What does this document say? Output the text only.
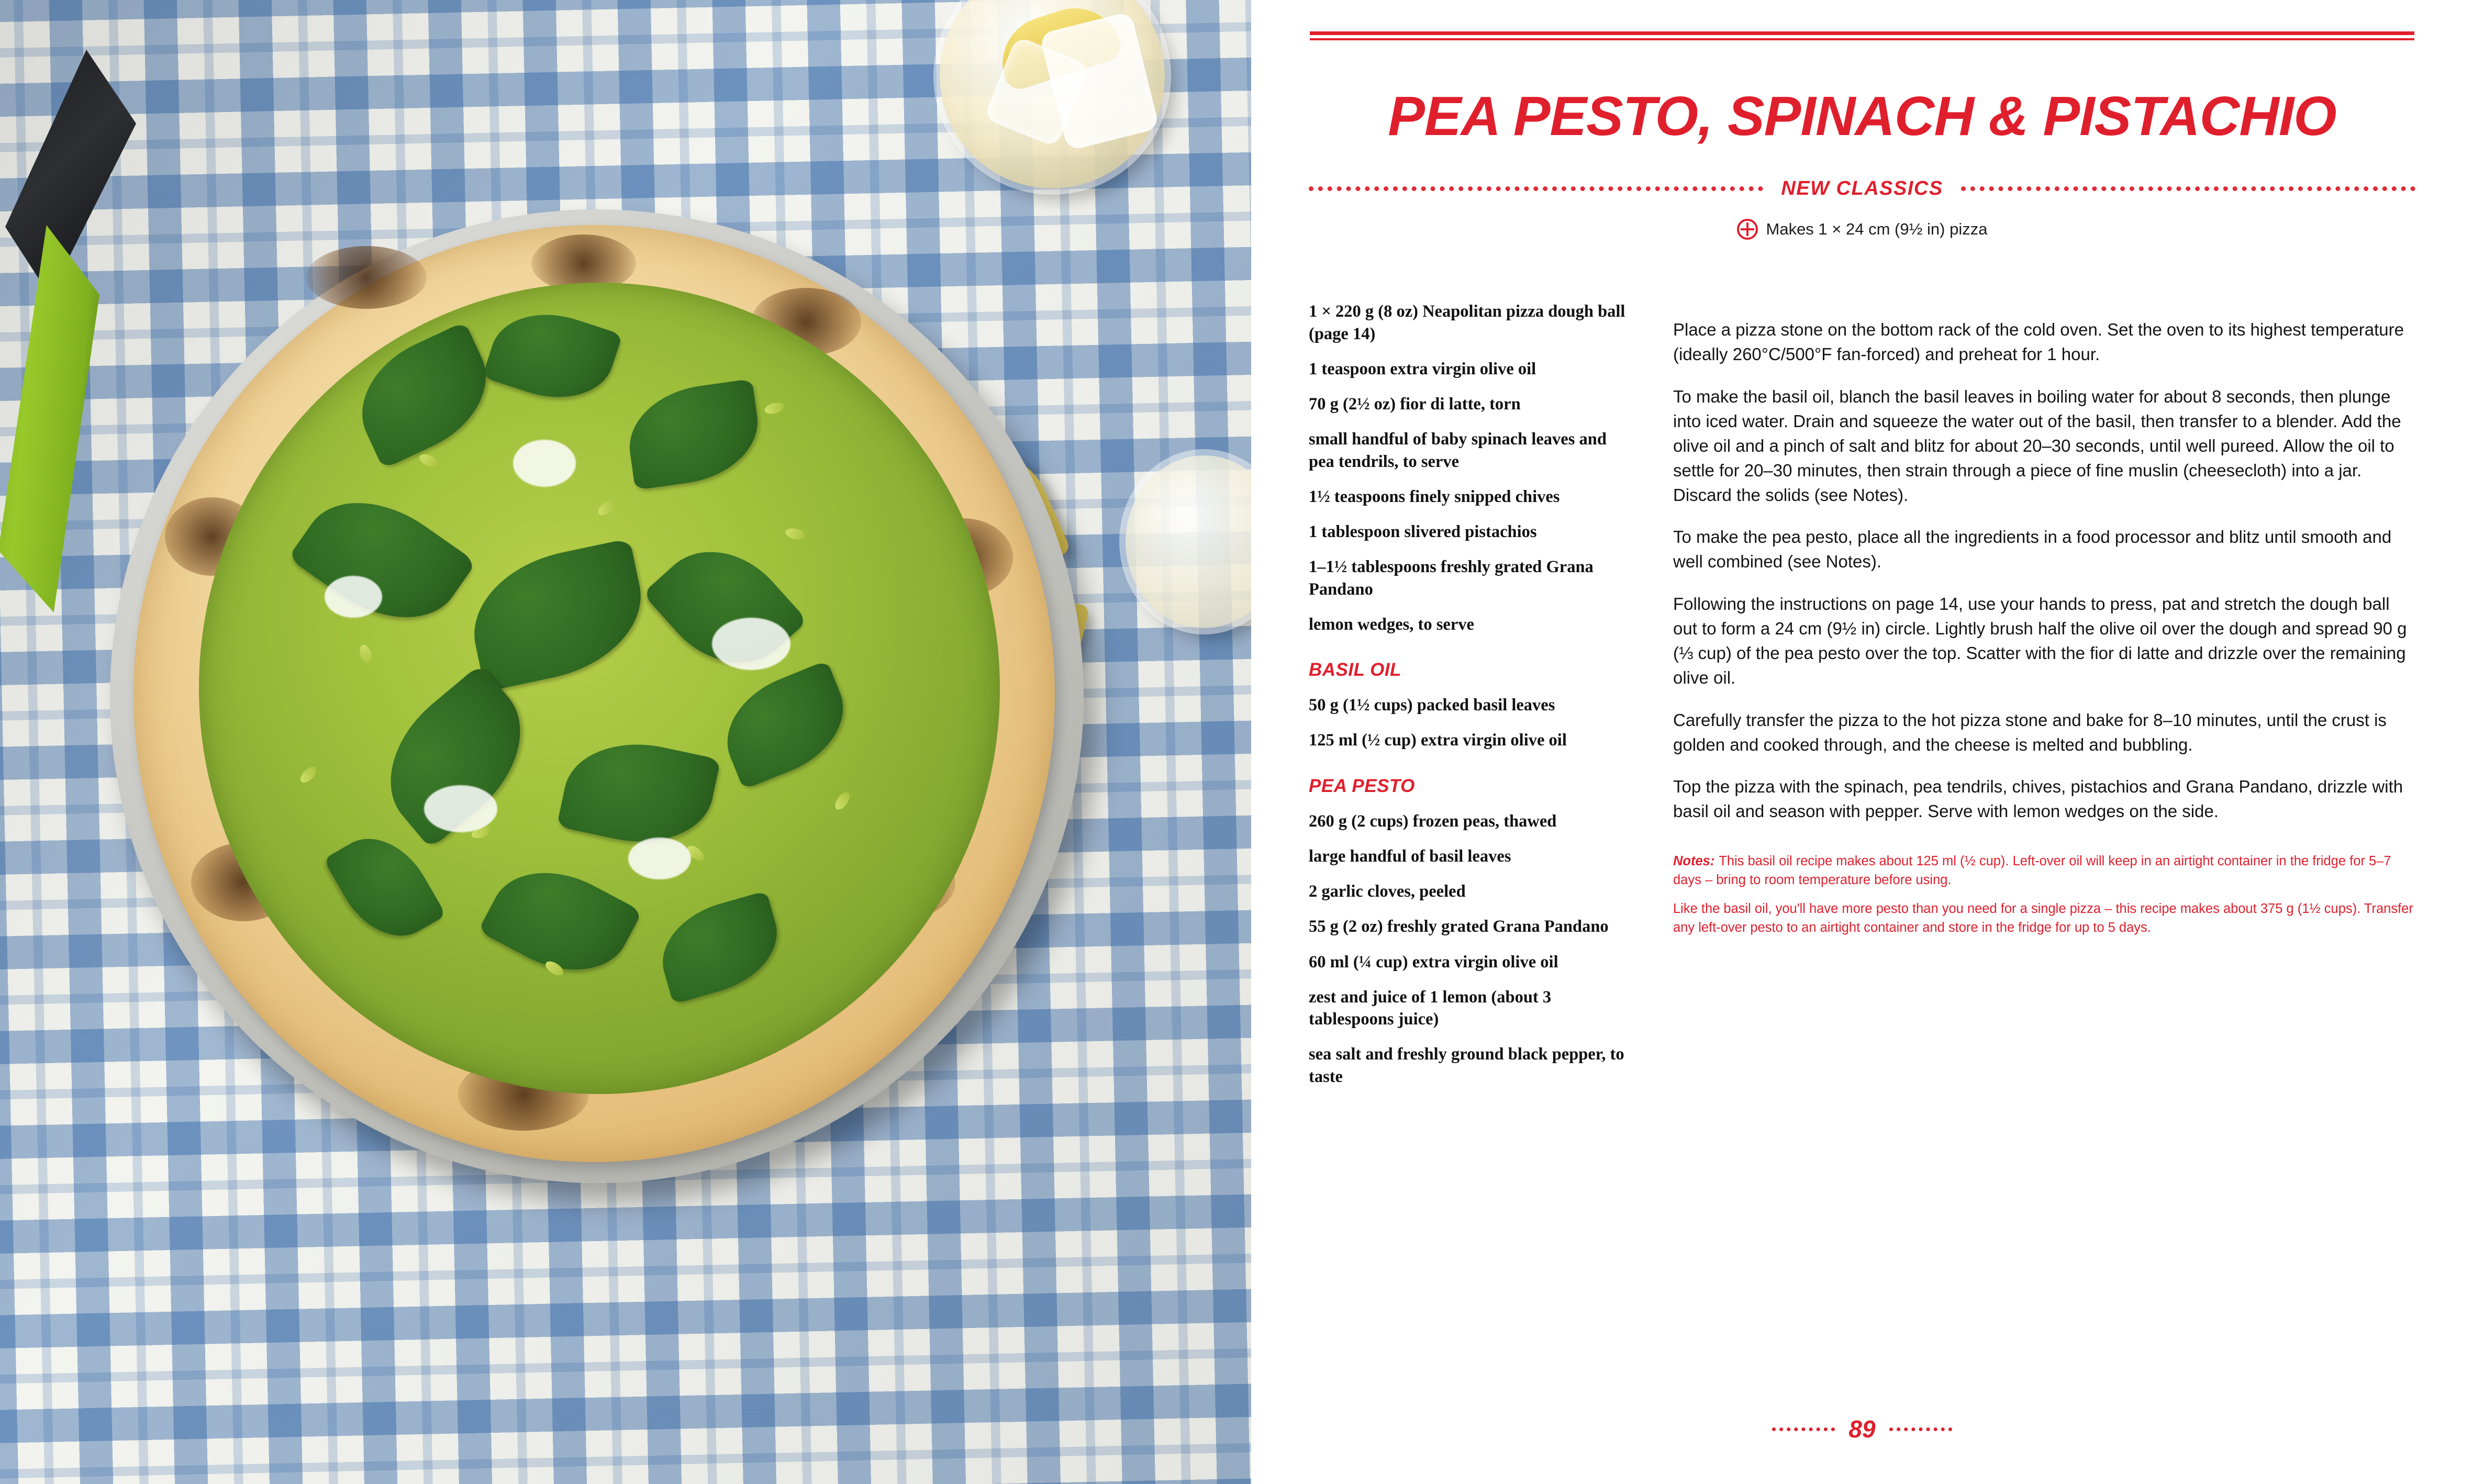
PEA PESTO, SPINACH & PISTACHIO
NEW CLASSICS
Makes 1 × 24 cm (9½ in) pizza
1 × 220 g (8 oz) Neapolitan pizza dough ball (page 14)
1 teaspoon extra virgin olive oil
70 g (2½ oz) fior di latte, torn
small handful of baby spinach leaves and pea tendrils, to serve
1½ teaspoons finely snipped chives
1 tablespoon slivered pistachios
1–1½ tablespoons freshly grated Grana Pandano
lemon wedges, to serve
BASIL OIL
50 g (1½ cups) packed basil leaves
125 ml (½ cup) extra virgin olive oil
PEA PESTO
260 g (2 cups) frozen peas, thawed
large handful of basil leaves
2 garlic cloves, peeled
55 g (2 oz) freshly grated Grana Pandano
60 ml (¼ cup) extra virgin olive oil
zest and juice of 1 lemon (about 3 tablespoons juice)
sea salt and freshly ground black pepper, to taste

Place a pizza stone on the bottom rack of the cold oven. Set the oven to its highest temperature (ideally 260°C/500°F fan-forced) and preheat for 1 hour.

To make the basil oil, blanch the basil leaves in boiling water for about 8 seconds, then plunge into iced water. Drain and squeeze the water out of the basil, then transfer to a blender. Add the olive oil and a pinch of salt and blitz for about 20–30 seconds, until well pureed. Allow the oil to settle for 20–30 minutes, then strain through a piece of fine muslin (cheesecloth) into a jar. Discard the solids (see Notes).

To make the pea pesto, place all the ingredients in a food processor and blitz until smooth and well combined (see Notes).

Following the instructions on page 14, use your hands to press, pat and stretch the dough ball out to form a 24 cm (9½ in) circle. Lightly brush half the olive oil over the dough and spread 90 g (⅓ cup) of the pea pesto over the top. Scatter with the fior di latte and drizzle over the remaining olive oil.

Carefully transfer the pizza to the hot pizza stone and bake for 8–10 minutes, until the crust is golden and cooked through, and the cheese is melted and bubbling.

Top the pizza with the spinach, pea tendrils, chives, pistachios and Grana Pandano, drizzle with basil oil and season with pepper. Serve with lemon wedges on the side.

Notes: This basil oil recipe makes about 125 ml (½ cup). Left-over oil will keep in an airtight container in the fridge for 5–7 days – bring to room temperature before using.

Like the basil oil, you'll have more pesto than you need for a single pizza – this recipe makes about 375 g (1½ cups). Transfer any left-over pesto to an airtight container and store in the fridge for up to 5 days.

89
